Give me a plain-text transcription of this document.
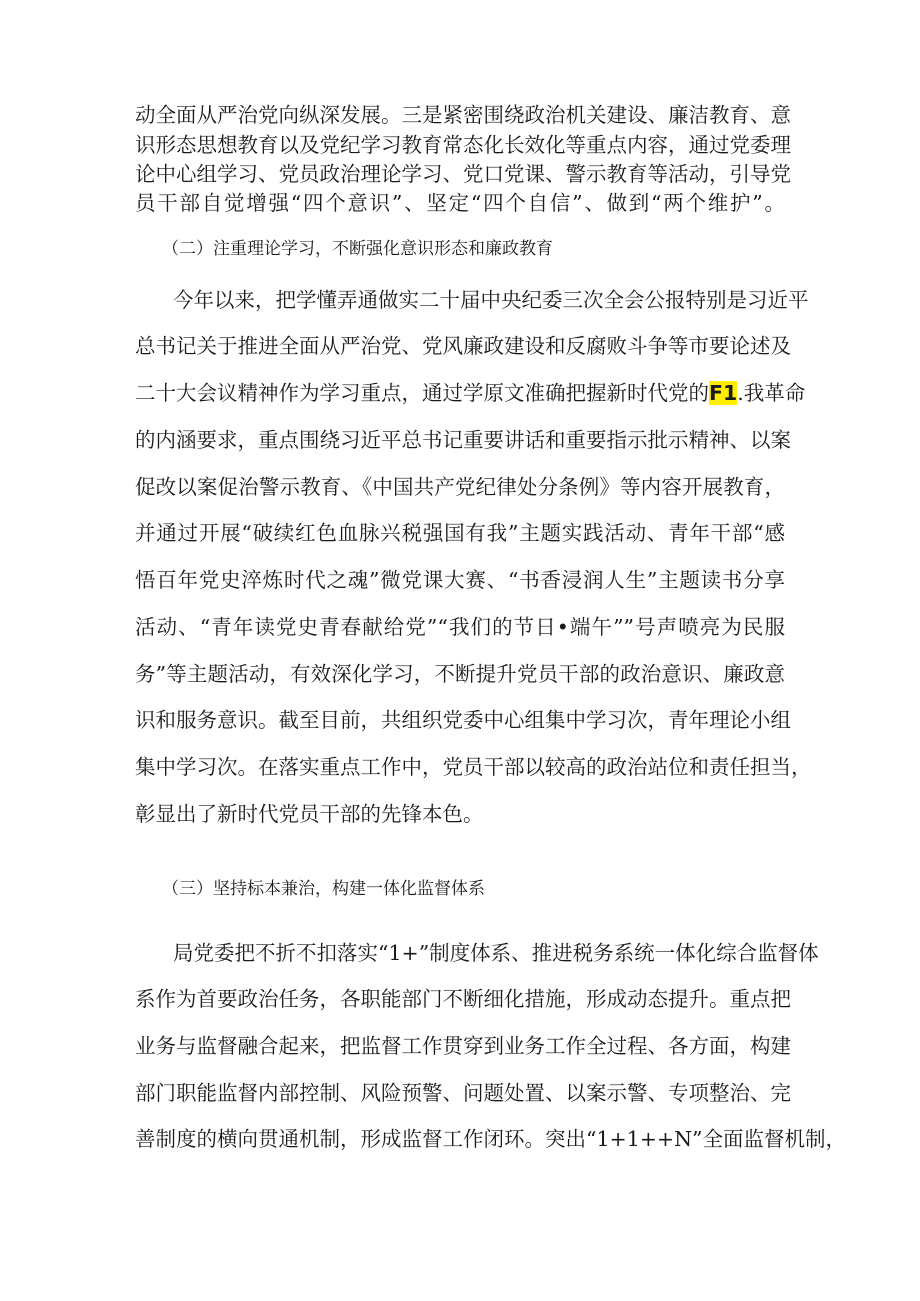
动全面从严治党向纵深发展。三是紧密围绕政治机关建设、廉洁教育、意
识形态思想教育以及党纪学习教育常态化长效化等重点内容，通过党委理
论中心组学习、党员政治理论学习、党口党课、警示教育等活动，引导党
员干部自觉增强“四个意识”、坚定“四个自信”、做到“两个维护”。
（二）注重理论学习，不断强化意识形态和廉政教育
今年以来，把学懂弄通做实二十届中央纪委三次全会公报特别是习近平
总书记关于推进全面从严治党、党风廉政建设和反腐败斗争等市要论述及
二十大会议精神作为学习重点，通过学原文准确把握新时代党的F1.我革命
的内涵要求，重点围绕习近平总书记重要讲话和重要指示批示精神、以案
促改以案促治警示教育、《中国共产党纪律处分条例》等内容开展教育，
并通过开展“破续红色血脉兴税强国有我”主题实践活动、青年干部“感
悟百年党史淬炼时代之魂”微党课大赛、“书香浸润人生”主题读书分享
活动、“青年读党史青春献给党”“我们的节日•端午””号声喷亮为民服
务”等主题活动，有效深化学习，不断提升党员干部的政治意识、廉政意
识和服务意识。截至目前，共组织党委中心组集中学习次，青年理论小组
集中学习次。在落实重点工作中，党员干部以较高的政治站位和责任担当，
彰显出了新时代党员干部的先锋本色。
（三）坚持标本兼治，构建一体化监督体系
局党委把不折不扣落实“1+”制度体系、推进税务系统一体化综合监督体
系作为首要政治任务，各职能部门不断细化措施，形成动态提升。重点把
业务与监督融合起来，把监督工作贯穿到业务工作全过程、各方面，构建
部门职能监督内部控制、风险预警、问题处置、以案示警、专项整治、完
善制度的横向贯通机制，形成监督工作闭环。突出“1+1++N”全面监督机制，
